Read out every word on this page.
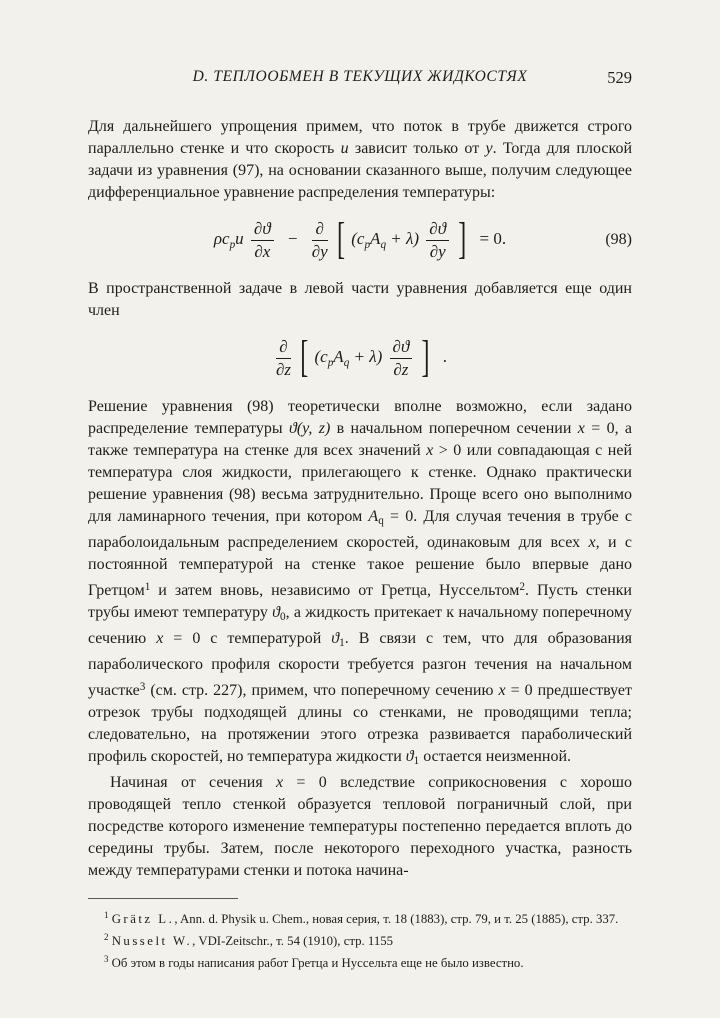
D. ТЕПЛООБМЕН В ТЕКУЩИХ ЖИДКОСТЯХ	529

Для дальнейшего упрощения примем, что поток в трубе движется строго параллельно стенке и что скорость u зависит только от y. Тогда для плоской задачи из уравнения (97), на основании сказанного выше, получим следующее дифференциальное уравнение распределения температуры:

$\rho c_pu \frac{\partial ϑ}{\partial x} - \frac{\partial}{\partial y}$ [ $(c_pA_q + \lambda) \frac{\partial ϑ}{\partial y}$ ] = 0.	(98)

В пространственной задаче в левой части уравнения добавляется еще один член

$\frac{\partial}{\partial z}$ [ $(c_pA_q + \lambda) \frac{\partial ϑ}{\partial z}$ ] .

Решение уравнения (98) теоретически вполне возможно, если задано распределение температуры ϑ(y, z) в начальном поперечном сечении x = 0, а также температура на стенке для всех значений x > 0 или совпадающая с ней температура слоя жидкости, прилегающего к стенке. Однако практически решение уравнения (98) весьма затруднительно. Проще всего оно выполнимо для ламинарного течения, при котором Aq = 0. Для случая течения в трубе с параболоидальным распределением скоростей, одинаковым для всех x, и с постоянной температурой на стенке такое решение было впервые дано Гретцом$^1$ и затем вновь, независимо от Гретца, Нуссельтом$^2$. Пусть стенки трубы имеют температуру ϑ0, а жидкость притекает к начальному поперечному сечению x = 0 с температурой ϑ1. В связи с тем, что для образования параболического профиля скорости требуется разгон течения на начальном участке$^3$ (см. стр. 227), примем, что поперечному сечению x = 0 предшествует отрезок трубы подходящей длины со стенками, не проводящими тепла; следовательно, на протяжении этого отрезка развивается параболический профиль скоростей, но температура жидкости ϑ1 остается неизменной.

Начиная от сечения x = 0 вследствие соприкосновения с хорошо проводящей тепло стенкой образуется тепловой пограничный слой, при посредстве которого изменение температуры постепенно передается вплоть до середины трубы. Затем, после некоторого переходного участка, разность между температурами стенки и потока начина-

$^1$ Grätz L., Ann. d. Physik u. Chem., новая серия, т. 18 (1883), стр. 79, и т. 25 (1885), стр. 337.

$^2$ Nusselt W., VDI-Zeitschr., т. 54 (1910), стр. 1155

$^3$ Об этом в годы написания работ Гретца и Нуссельта еще не было известно.
